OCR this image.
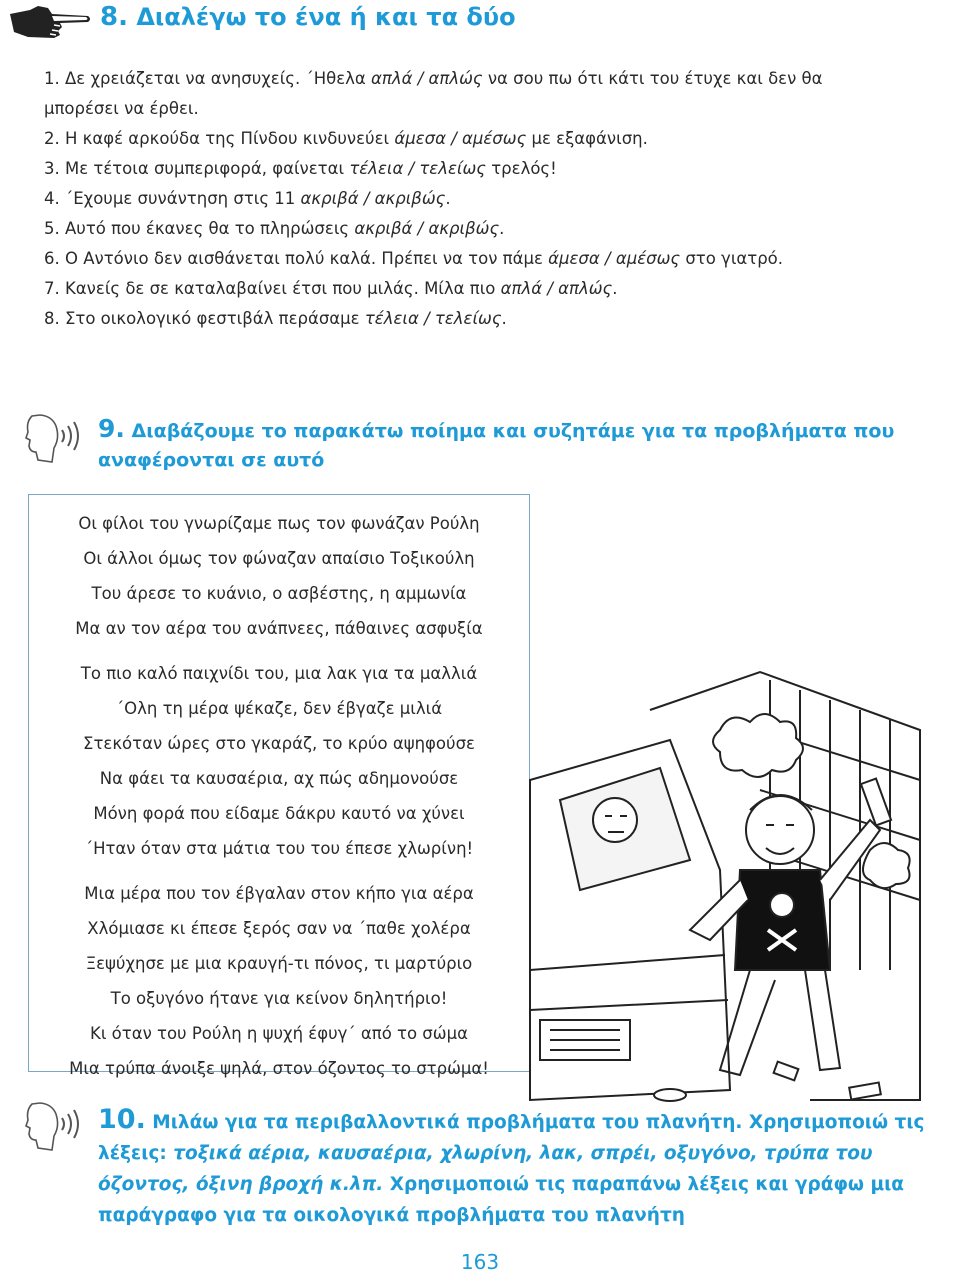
8. Διαλέγω το ένα ή και τα δύο
1. Δε χρειάζεται να ανησυχείς. ΄Ηθελα απλά / απλώς να σου πω ότι κάτι του έτυχε και δεν θα
μπορέσει να έρθει.
2. Η καφέ αρκούδα της Πίνδου κινδυνεύει άμεσα / αμέσως με εξαφάνιση.
3. Με τέτοια συμπεριφορά, φαίνεται τέλεια / τελείως τρελός!
4. ΄Εχουμε συνάντηση στις 11 ακριβά / ακριβώς.
5. Αυτό που έκανες θα το πληρώσεις ακριβά / ακριβώς.
6. Ο Αντόνιο δεν αισθάνεται πολύ καλά. Πρέπει να τον πάμε άμεσα / αμέσως στο γιατρό.
7. Κανείς δε σε καταλαβαίνει έτσι που μιλάς. Μίλα πιο απλά / απλώς.
8. Στο οικολογικό φεστιβάλ περάσαμε τέλεια / τελείως.
9. Διαβάζουμε το παρακάτω ποίημα και συζητάμε για τα προβλήματα που αναφέρονται σε αυτό
Οι φίλοι του γνωρίζαμε πως τον φωνάζαν Ρούλη
Οι άλλοι όμως τον φώναζαν απαίσιο Τοξικούλη
Του άρεσε το κυάνιο, ο ασβέστης, η αμμωνία
Μα αν τον αέρα του ανάπνεες, πάθαινες ασφυξία
Το πιο καλό παιχνίδι του, μια λακ για τα μαλλιά
΄Ολη τη μέρα ψέκαζε, δεν έβγαζε μιλιά
Στεκόταν ώρες στο γκαράζ, το κρύο αψηφούσε
Να φάει τα καυσαέρια, αχ πώς αδημονούσε
Μόνη φορά που είδαμε δάκρυ καυτό να χύνει
΄Ηταν όταν στα μάτια του του έπεσε χλωρίνη!
Μια μέρα που τον έβγαλαν στον κήπο για αέρα
Χλόμιασε κι έπεσε ξερός σαν να ΄παθε χολέρα
Ξεψύχησε με μια κραυγή-τι πόνος, τι μαρτύριο
Το οξυγόνο ήτανε για κείνον δηλητήριο!
Κι όταν του Ρούλη η ψυχή έφυγ΄ από το σώμα
Μια τρύπα άνοιξε ψηλά, στον όζοντος το στρώμα!
10. Μιλάω για τα περιβαλλοντικά προβλήματα του πλανήτη. Χρησιμοποιώ τις λέξεις: τοξικά αέρια, καυσαέρια, χλωρίνη, λακ, σπρέι, οξυγόνο, τρύπα του όζοντος, όξινη βροχή κ.λπ. Χρησιμοποιώ τις παραπάνω λέξεις και γράφω μια παράγραφο για τα οικολογικά προβλήματα του πλανήτη
163
